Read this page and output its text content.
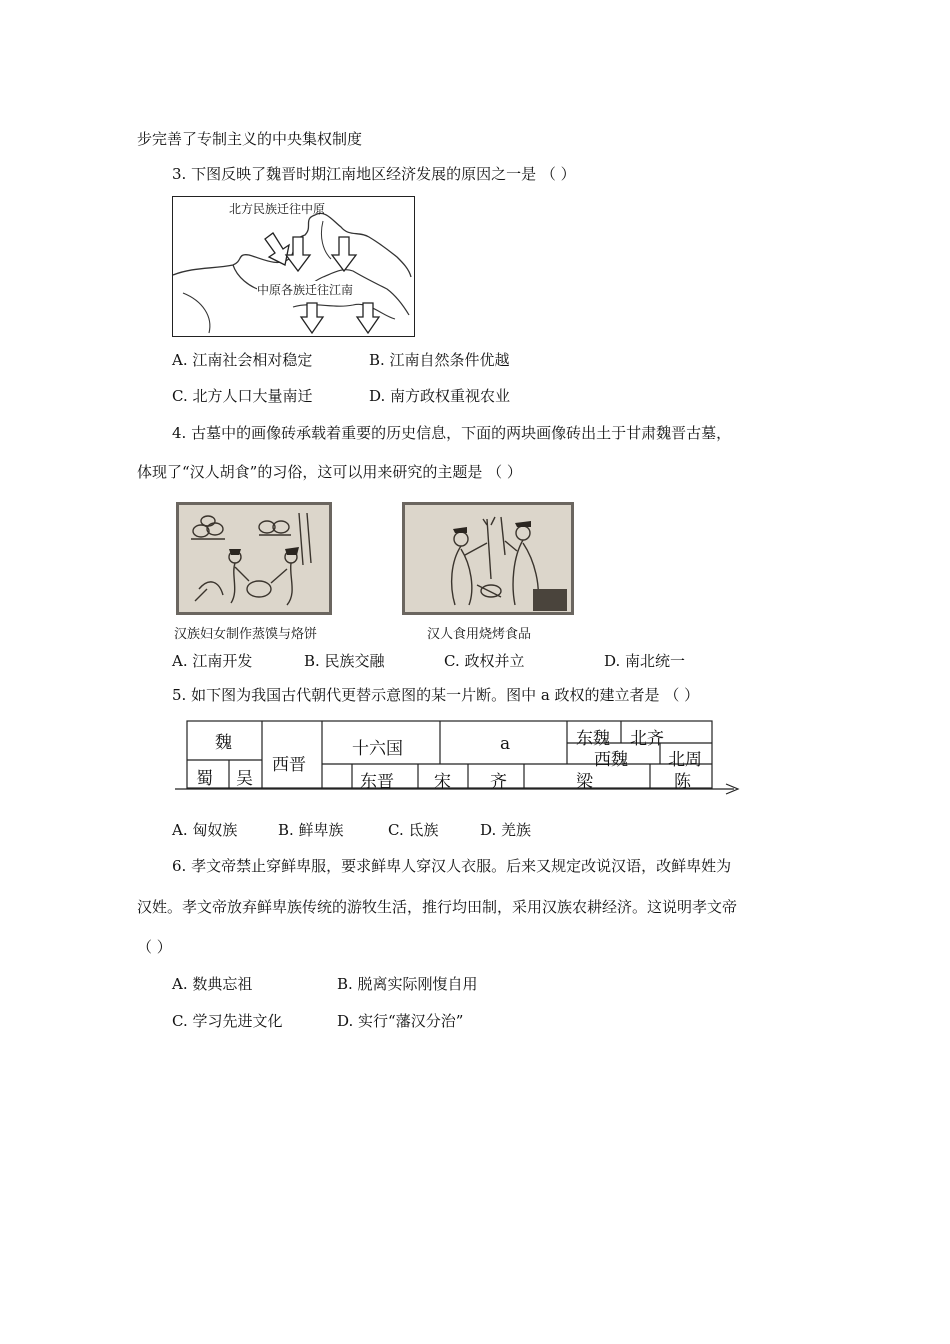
步完善了专制主义的中央集权制度
3. 下图反映了魏晋时期江南地区经济发展的原因之一是 （ ）
北方民族迁往中原
中原各族迁往江南
A. 江南社会相对稳定	B. 江南自然条件优越
C. 北方人口大量南迁	D. 南方政权重视农业
4. 古墓中的画像砖承载着重要的历史信息，下面的两块画像砖出土于甘肃魏晋古墓，
体现了“汉人胡食”的习俗，这可以用来研究的主题是 （ ）
汉族妇女制作蒸馍与烙饼	汉人食用烧烤食品
A. 江南开发	B. 民族交融	C. 政权并立	D. 南北统一
5. 如下图为我国古代朝代更替示意图的某一片断。图中 a 政权的建立者是 （ ）
魏
蜀 吴
西晋
十六国	a	东魏 北齐
西魏 北周
东晋 宋 齐	梁	陈
A. 匈奴族	B. 鲜卑族	C. 氐族	D. 羌族
6. 孝文帝禁止穿鲜卑服，要求鲜卑人穿汉人衣服。后来又规定改说汉语，改鲜卑姓为
汉姓。孝文帝放弃鲜卑族传统的游牧生活，推行均田制，采用汉族农耕经济。这说明孝文帝
（ ）
A. 数典忘祖	B. 脱离实际刚愎自用
C. 学习先进文化	D. 实行“藩汉分治”
